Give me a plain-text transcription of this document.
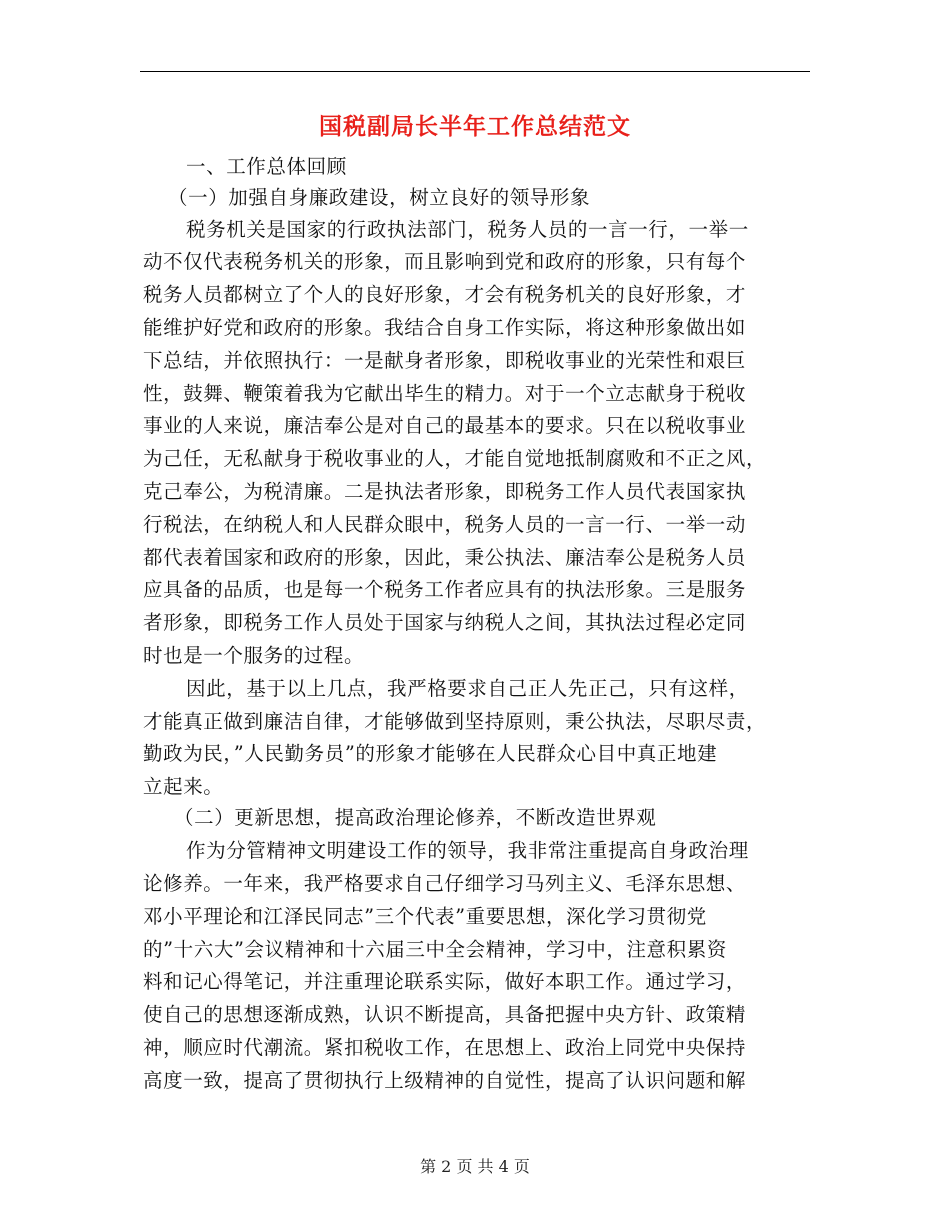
国税副局长半年工作总结范文
一、工作总体回顾
（一）加强自身廉政建设，树立良好的领导形象
税务机关是国家的行政执法部门，税务人员的一言一行，一举一
动不仅代表税务机关的形象，而且影响到党和政府的形象，只有每个
税务人员都树立了个人的良好形象，才会有税务机关的良好形象，才
能维护好党和政府的形象。我结合自身工作实际，将这种形象做出如
下总结，并依照执行：一是献身者形象，即税收事业的光荣性和艰巨
性，鼓舞、鞭策着我为它献出毕生的精力。对于一个立志献身于税收
事业的人来说，廉洁奉公是对自己的最基本的要求。只在以税收事业
为己任，无私献身于税收事业的人，才能自觉地抵制腐败和不正之风，
克己奉公，为税清廉。二是执法者形象，即税务工作人员代表国家执
行税法，在纳税人和人民群众眼中，税务人员的一言一行、一举一动
都代表着国家和政府的形象，因此，秉公执法、廉洁奉公是税务人员
应具备的品质，也是每一个税务工作者应具有的执法形象。三是服务
者形象，即税务工作人员处于国家与纳税人之间，其执法过程必定同
时也是一个服务的过程。
因此，基于以上几点，我严格要求自己正人先正己，只有这样，
才能真正做到廉洁自律，才能够做到坚持原则，秉公执法，尽职尽责，
勤政为民，”人民勤务员”的形象才能够在人民群众心目中真正地建
立起来。
（二）更新思想，提高政治理论修养，不断改造世界观
作为分管精神文明建设工作的领导，我非常注重提高自身政治理
论修养。一年来，我严格要求自己仔细学习马列主义、毛泽东思想、
邓小平理论和江泽民同志”三个代表”重要思想，深化学习贯彻党
的”十六大”会议精神和十六届三中全会精神，学习中，注意积累资
料和记心得笔记，并注重理论联系实际，做好本职工作。通过学习，
使自己的思想逐渐成熟，认识不断提高，具备把握中央方针、政策精
神，顺应时代潮流。紧扣税收工作，在思想上、政治上同党中央保持
高度一致，提高了贯彻执行上级精神的自觉性，提高了认识问题和解
第 2 页 共 4 页
